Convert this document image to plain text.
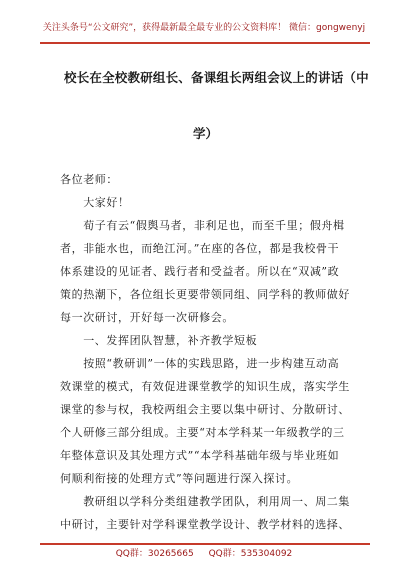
关注头条号“公文研究”，获得最新最全最专业的公文资料库！ 微信：gongwenyj
校长在全校教研组长、备课组长两组会议上的讲话（中
学）
各位老师：
　　大家好！
　　荀子有云“假舆马者，非利足也，而至千里；假舟楫
者，非能水也，而绝江河。”在座的各位，都是我校骨干
体系建设的见证者、践行者和受益者。所以在“双减”政
策的热潮下，各位组长更要带领同组、同学科的教师做好
每一次研讨，开好每一次研修会。
　　一、发挥团队智慧，补齐教学短板
　　按照“教研训”一体的实践思路，进一步构建互动高
效课堂的模式，有效促进课堂教学的知识生成，落实学生
课堂的参与权，我校两组会主要以集中研讨、分散研讨、
个人研修三部分组成。主要“对本学科某一年级教学的三
年整体意识及其处理方式”“本学科基础年级与毕业班如
何顺利衔接的处理方式”等问题进行深入探讨。
　　教研组以学科分类组建教学团队，利用周一、周二集
中研讨，主要针对学科课堂教学设计、教学材料的选择、
QQ群：30265665 QQ群：535304092
